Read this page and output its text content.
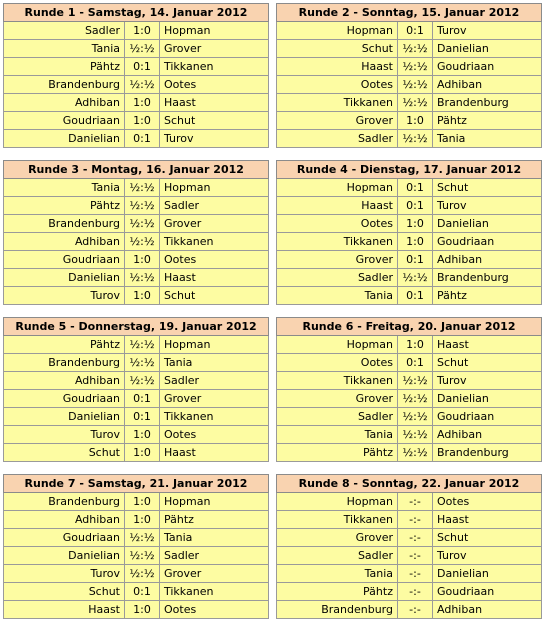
Runde 1 - Samstag, 14. Januar 2012		
Sadler	1:0	Hopman
Tania	½:½	Grover
Pähtz	0:1	Tikkanen
Brandenburg	½:½	Ootes
Adhiban	1:0	Haast
Goudriaan	1:0	Schut
Danielian	0:1	Turov
Runde 2 - Sonntag, 15. Januar 2012		
Hopman	0:1	Turov
Schut	½:½	Danielian
Haast	½:½	Goudriaan
Ootes	½:½	Adhiban
Tikkanen	½:½	Brandenburg
Grover	1:0	Pähtz
Sadler	½:½	Tania
Runde 3 - Montag, 16. Januar 2012		
Tania	½:½	Hopman
Pähtz	½:½	Sadler
Brandenburg	½:½	Grover
Adhiban	½:½	Tikkanen
Goudriaan	1:0	Ootes
Danielian	½:½	Haast
Turov	1:0	Schut
Runde 4 - Dienstag, 17. Januar 2012		
Hopman	0:1	Schut
Haast	0:1	Turov
Ootes	1:0	Danielian
Tikkanen	1:0	Goudriaan
Grover	0:1	Adhiban
Sadler	½:½	Brandenburg
Tania	0:1	Pähtz
Runde 5 - Donnerstag, 19. Januar 2012		
Pähtz	½:½	Hopman
Brandenburg	½:½	Tania
Adhiban	½:½	Sadler
Goudriaan	0:1	Grover
Danielian	0:1	Tikkanen
Turov	1:0	Ootes
Schut	1:0	Haast
Runde 6 - Freitag, 20. Januar 2012		
Hopman	1:0	Haast
Ootes	0:1	Schut
Tikkanen	½:½	Turov
Grover	½:½	Danielian
Sadler	½:½	Goudriaan
Tania	½:½	Adhiban
Pähtz	½:½	Brandenburg
Runde 7 - Samstag, 21. Januar 2012		
Brandenburg	1:0	Hopman
Adhiban	1:0	Pähtz
Goudriaan	½:½	Tania
Danielian	½:½	Sadler
Turov	½:½	Grover
Schut	0:1	Tikkanen
Haast	1:0	Ootes
Runde 8 - Sonntag, 22. Januar 2012		
Hopman	-:-	Ootes
Tikkanen	-:-	Haast
Grover	-:-	Schut
Sadler	-:-	Turov
Tania	-:-	Danielian
Pähtz	-:-	Goudriaan
Brandenburg	-:-	Adhiban
